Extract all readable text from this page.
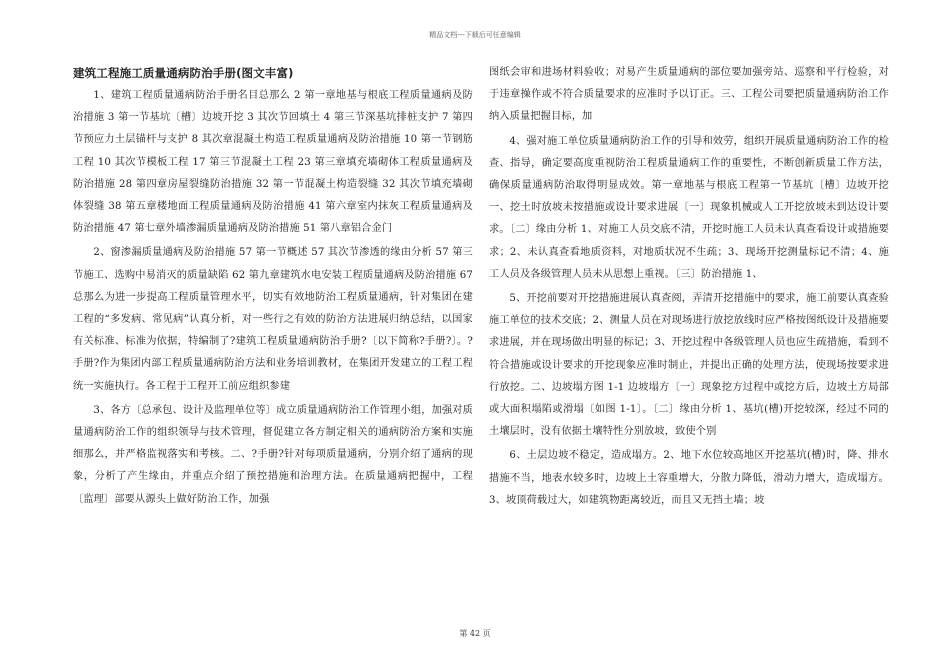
精品文档---下载后可任意编辑
建筑工程施工质量通病防治手册(图文丰富)

1、建筑工程质量通病防治手册名目总那么 2 第一章地基与根底工程质量通病及防治措施 3 第一节基坑〔槽〕边坡开挖 3 其次节回填土 4 第三节深基坑排桩支护 7 第四节预应力土层锚杆与支护 8 其次章混凝土构造工程质量通病及防治措施 10 第一节钢筋工程 10 其次节模板工程 17 第三节混凝土工程 23 第三章填充墙砌体工程质量通病及防治措施 28 第四章房屋裂缝防治措施 32 第一节混凝土构造裂缝 32 其次节填充墙砌体裂缝 38 第五章楼地面工程质量通病及防治措施 41 第六章室内抹灰工程质量通病及防治措施 47 第七章外墙渗漏质量通病及防治措施 51 第八章铝合金门

2、窗渗漏质量通病及防治措施 57 第一节概述 57 其次节渗透的缘由分析 57 第三节施工、选购中易消灭的质量缺陷 62 第九章建筑水电安装工程质量通病及防治措施 67 总那么为进一步提高工程质量管理水平，切实有效地防治工程质量通病，针对集团在建工程的“多发病、常见病”认真分析，对一些行之有效的防治方法进展归纳总结，以国家有关标准、标准为依据，特编制了?建筑工程质量通病防治手册?〔以下简称?手册?〕。?手册?作为集团内部工程质量通病防治方法和业务培训教材，在集团开发建立的工程工程统一实施执行。各工程于工程开工前应组织参建

3、各方〔总承包、设计及监理单位等〕成立质量通病防治工作管理小组，加强对质量通病防治工作的组织领导与技术管理，督促建立各方制定相关的通病防治方案和实施细那么，并严格监视落实和考核。二、?手册?针对每项质量通病，分别介绍了通病的现象，分析了产生缘由，并重点介绍了预控措施和治理方法。在质量通病把握中，工程〔监理〕部要从源头上做好防治工作，加强

图纸会审和进场材料验收；对易产生质量通病的部位要加强旁站、巡察和平行检验，对于违章操作或不符合质量要求的应准时予以订正。三、工程公司要把质量通病防治工作纳入质量把握目标，加

4、强对施工单位质量通病防治工作的引导和效劳，组织开展质量通病防治工作的检查、指导，确定要高度重视防治工程质量通病工作的重要性，不断创新质量工作方法，确保质量通病防治取得明显成效。第一章地基与根底工程第一节基坑〔槽〕边坡开挖一、挖土时放坡未按措施或设计要求进展〔一〕现象机械或人工开挖放坡未到达设计要求。〔二〕缘由分析 1、对施工人员交底不清，开挖时施工人员未认真查看设计或措施要求；2、未认真查看地质资料，对地质状况不生疏；3、现场开挖测量标记不清；4、施工人员及各级管理人员未从思想上重视。〔三〕防治措施 1、

5、开挖前要对开挖措施进展认真查阅，弄清开挖措施中的要求，施工前要认真查验施工单位的技术交底；2、测量人员在对现场进行放挖放线时应严格按图纸设计及措施要求进展，并在现场做出明显的标记；3、开挖过程中各级管理人员也应生疏措施，看到不符合措施或设计要求的开挖现象应准时制止，并提出正确的处理方法，使现场按要求进行放挖。二、边坡塌方图 1-1 边坡塌方〔一〕现象挖方过程中或挖方后，边坡土方局部或大面积塌陷或滑塌〔如图 1-1〕。〔二〕缘由分析 1、基坑(槽)开挖较深，经过不同的土壤层时，没有依据土壤特性分别放坡，致使个别

6、土层边坡不稳定，造成塌方。2、地下水位较高地区开挖基坑(槽)时，降、排水措施不当，地表水较多时，边坡上土容重增大，分散力降低，滑动力增大，造成塌方。3、坡顶荷载过大，如建筑物距离较近，而且又无挡土墙；坡

第 42 页
